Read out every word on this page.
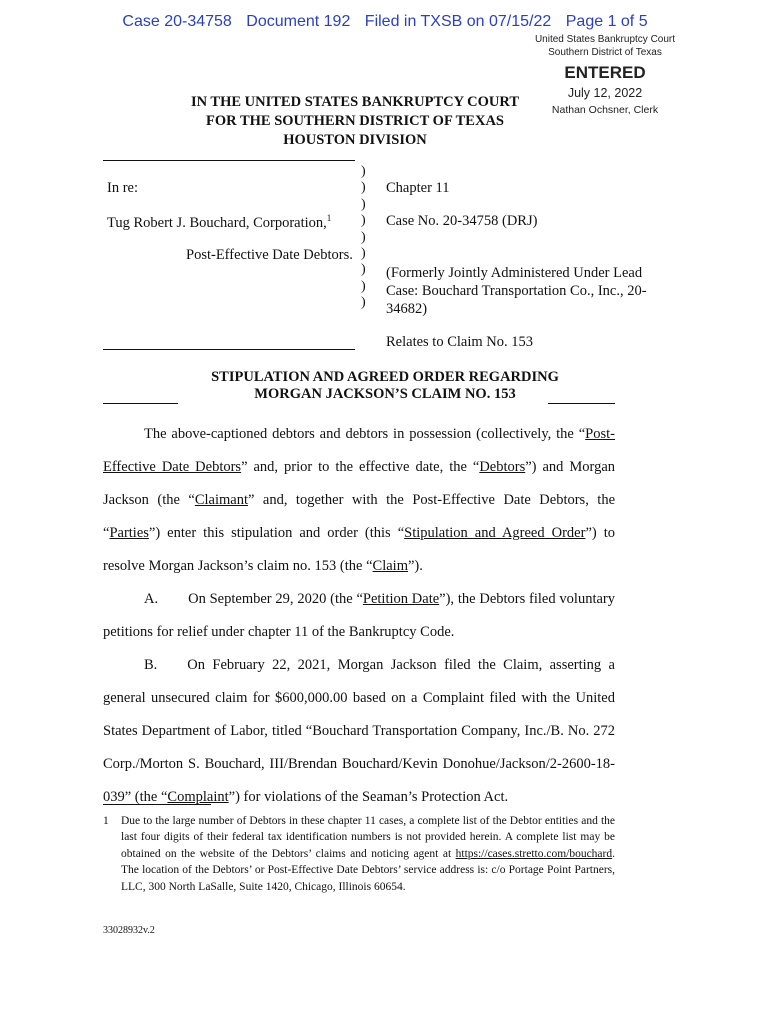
Case 20-34758 Document 192 Filed in TXSB on 07/15/22 Page 1 of 5
United States Bankruptcy Court
Southern District of Texas
ENTERED
July 12, 2022
Nathan Ochsner, Clerk
IN THE UNITED STATES BANKRUPTCY COURT
FOR THE SOUTHERN DISTRICT OF TEXAS
HOUSTON DIVISION
)
)
)
)
)
)
)
)
)
In re:
Tug Robert J. Bouchard, Corporation,$^1$
Post-Effective Date Debtors.
Chapter 11
Case No. 20-34758 (DRJ)
(Formerly Jointly Administered Under Lead
Case: Bouchard Transportation Co., Inc., 20-
34682)
Relates to Claim No. 153
STIPULATION AND AGREED ORDER REGARDING
MORGAN JACKSON’S CLAIM NO. 153

The above-captioned debtors and debtors in possession (collectively, the “Post-Effective Date Debtors” and, prior to the effective date, the “Debtors”) and Morgan Jackson (the “Claimant” and, together with the Post-Effective Date Debtors, the “Parties”) enter this stipulation and order (this “Stipulation and Agreed Order”) to resolve Morgan Jackson’s claim no. 153 (the “Claim”).

A. On September 29, 2020 (the “Petition Date”), the Debtors filed voluntary petitions for relief under chapter 11 of the Bankruptcy Code.

B. On February 22, 2021, Morgan Jackson filed the Claim, asserting a general unsecured claim for $600,000.00 based on a Complaint filed with the United States Department of Labor, titled “Bouchard Transportation Company, Inc./B. No. 272 Corp./Morton S. Bouchard, III/Brendan Bouchard/Kevin Donohue/Jackson/2-2600-18-039” (the “Complaint”) for violations of the Seaman’s Protection Act.

1 Due to the large number of Debtors in these chapter 11 cases, a complete list of the Debtor entities and the last four digits of their federal tax identification numbers is not provided herein. A complete list may be obtained on the website of the Debtors’ claims and noticing agent at https://cases.stretto.com/bouchard. The location of the Debtors’ or Post-Effective Date Debtors’ service address is: c/o Portage Point Partners, LLC, 300 North LaSalle, Suite 1420, Chicago, Illinois 60654.
33028932v.2
